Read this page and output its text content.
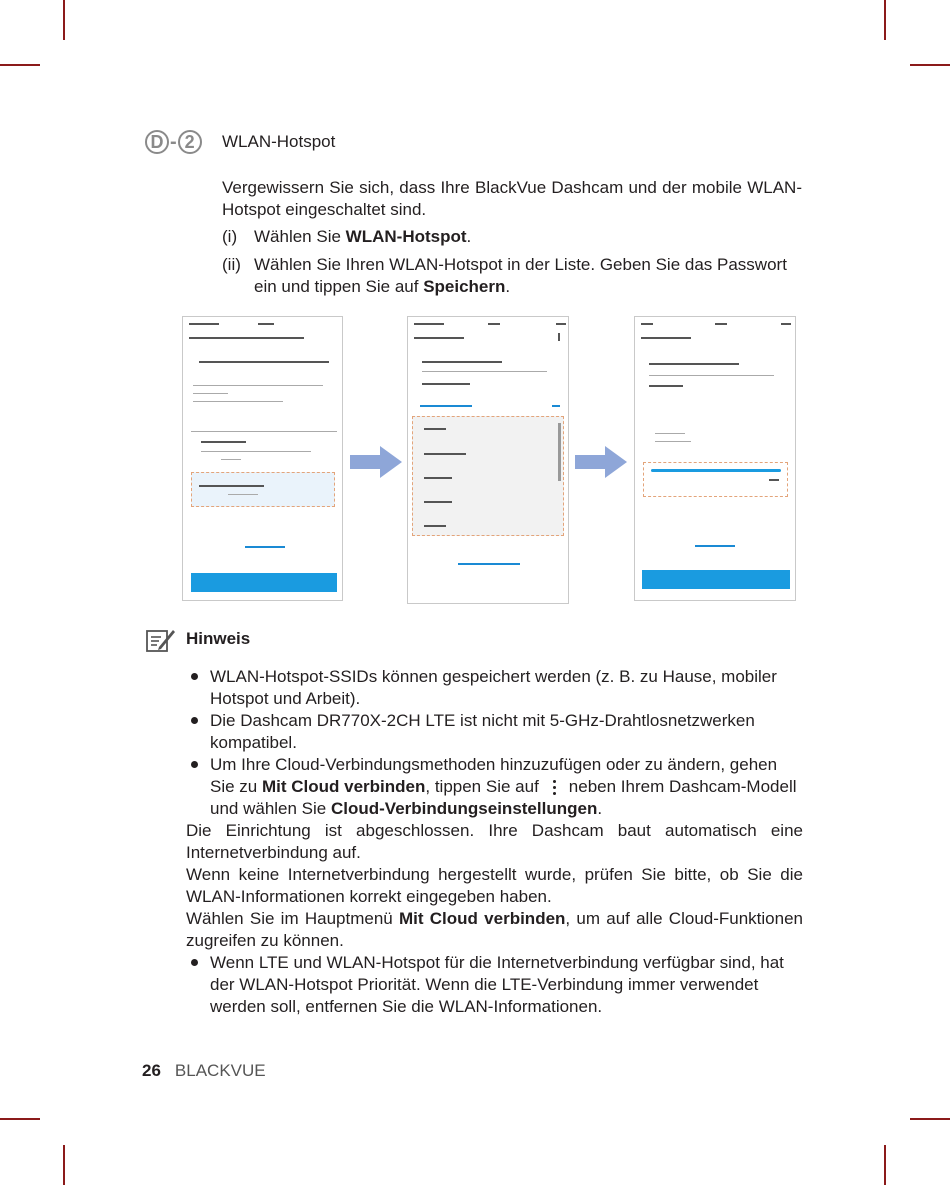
D - 2	WLAN-Hotspot
Vergewissern Sie sich, dass Ihre BlackVue Dashcam und der mobile WLAN-Hotspot eingeschaltet sind.
(i) Wählen Sie WLAN-Hotspot.
(ii) Wählen Sie Ihren WLAN-Hotspot in der Liste. Geben Sie das Passwort ein und tippen Sie auf Speichern.
Hinweis
WLAN-Hotspot-SSIDs können gespeichert werden (z. B. zu Hause, mobiler Hotspot und Arbeit).
Die Dashcam DR770X-2CH LTE ist nicht mit 5-GHz-Drahtlosnetzwerken kompatibel.
Um Ihre Cloud-Verbindungsmethoden hinzuzufügen oder zu ändern, gehen Sie zu Mit Cloud verbinden, tippen Sie auf neben Ihrem Dashcam-Modell und wählen Sie Cloud-Verbindungseinstellungen.
Die Einrichtung ist abgeschlossen. Ihre Dashcam baut automatisch eine Internetverbindung auf.
Wenn keine Internetverbindung hergestellt wurde, prüfen Sie bitte, ob Sie die WLAN-Informationen korrekt eingegeben haben.
Wählen Sie im Hauptmenü Mit Cloud verbinden, um auf alle Cloud-Funktionen zugreifen zu können.
Wenn LTE und WLAN-Hotspot für die Internetverbindung verfügbar sind, hat der WLAN-Hotspot Priorität. Wenn die LTE-Verbindung immer verwendet werden soll, entfernen Sie die WLAN-Informationen.
26 BLACKVUE
